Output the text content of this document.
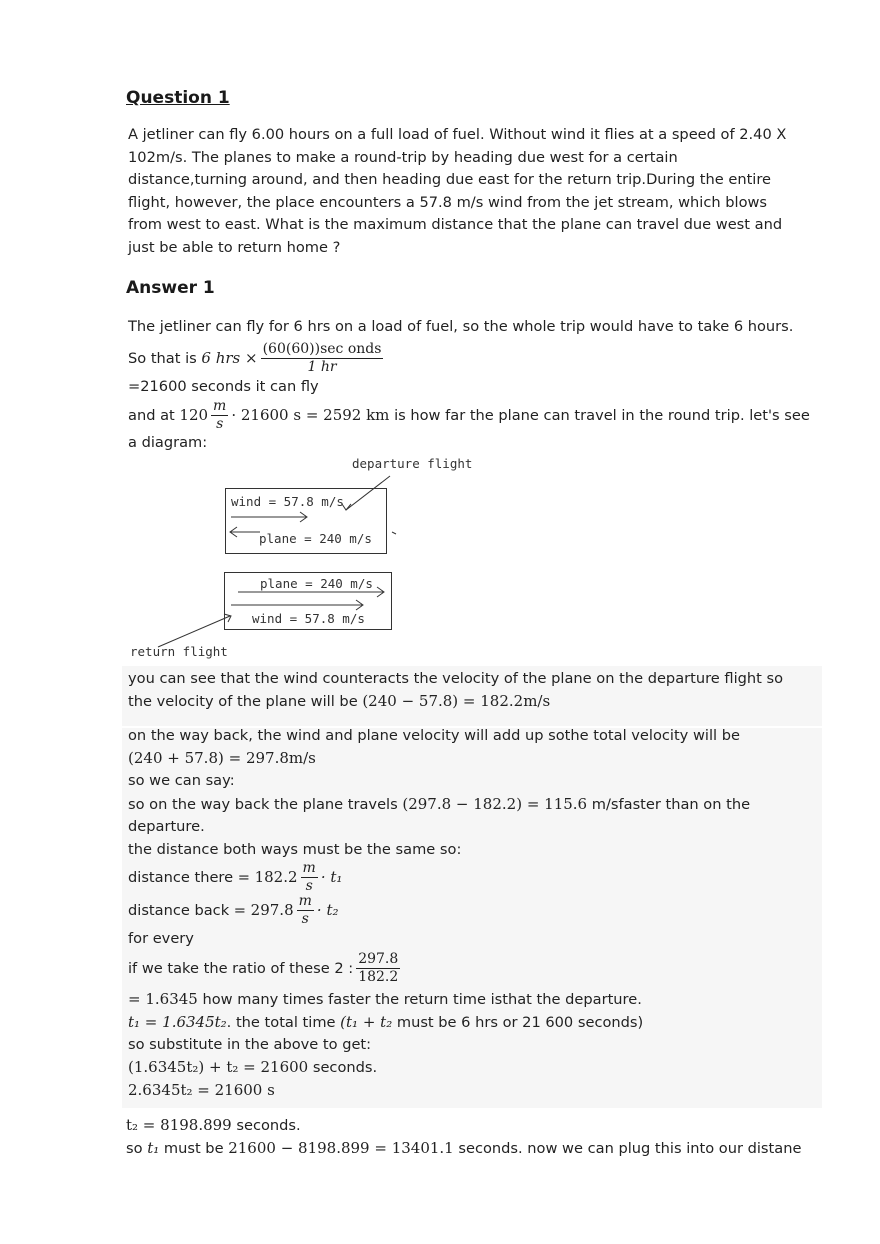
Question 1
A jetliner can fly 6.00 hours on a full load of fuel. Without wind it flies at a speed of 2.40 X
102m/s. The planes to make a round-trip by heading due west for a certain
distance,turning around, and then heading due east for the return trip.During the entire
flight, however, the place encounters a 57.8 m/s wind from the jet stream, which blows
from west to east. What is the maximum distance that the plane can travel due west and
just be able to return home ?
Answer 1
The jetliner can fly for 6 hrs on a load of fuel, so the whole trip would have to take 6 hours.
So that is
6 hrs × $\frac{\text{(60(60))sec onds}}{1 hr}$
=21600 seconds it can fly
and at
$120 \frac{m}{s} \cdot 21600$ s = 2592 km
is how far the plane can travel in the round trip. let's see
a diagram:
departure flight
wind = 57.8 m/s
plane = 240 m/s
plane = 240 m/s
wind = 57.8 m/s
return flight
you can see that the wind counteracts the velocity of the plane on the departure flight so
the velocity of the plane will be (240 − 57.8) = 182.2m/s
on the way back, the wind and plane velocity will add up sothe total velocity will be
(240 + 57.8) = 297.8m/s
so we can say:
so on the way back the plane travels (297.8 − 182.2) = 115.6 m/sfaster than on the
departure.
the distance both ways must be the same so:
distance there =
$182.2 \frac{m}{s} \cdot t_1$
distance back =
$297.8 \frac{m}{s} \cdot t_2$
for every
if we take the ratio of these 2 : $\frac{297.8}{182.2}$
= 1.6345 how many times faster the return time isthat the departure.
t₁ = 1.6345t₂. the total time (t₁ + t₂ must be 6 hrs or 21 600 seconds)
so substitute in the above to get:
(1.6345t₂) + t₂ = 21600 seconds.
2.6345t₂ = 21600 s
t₂ = 8198.899 seconds.
so t₁ must be 21600 − 8198.899 = 13401.1 seconds. now we can plug this into our distane
